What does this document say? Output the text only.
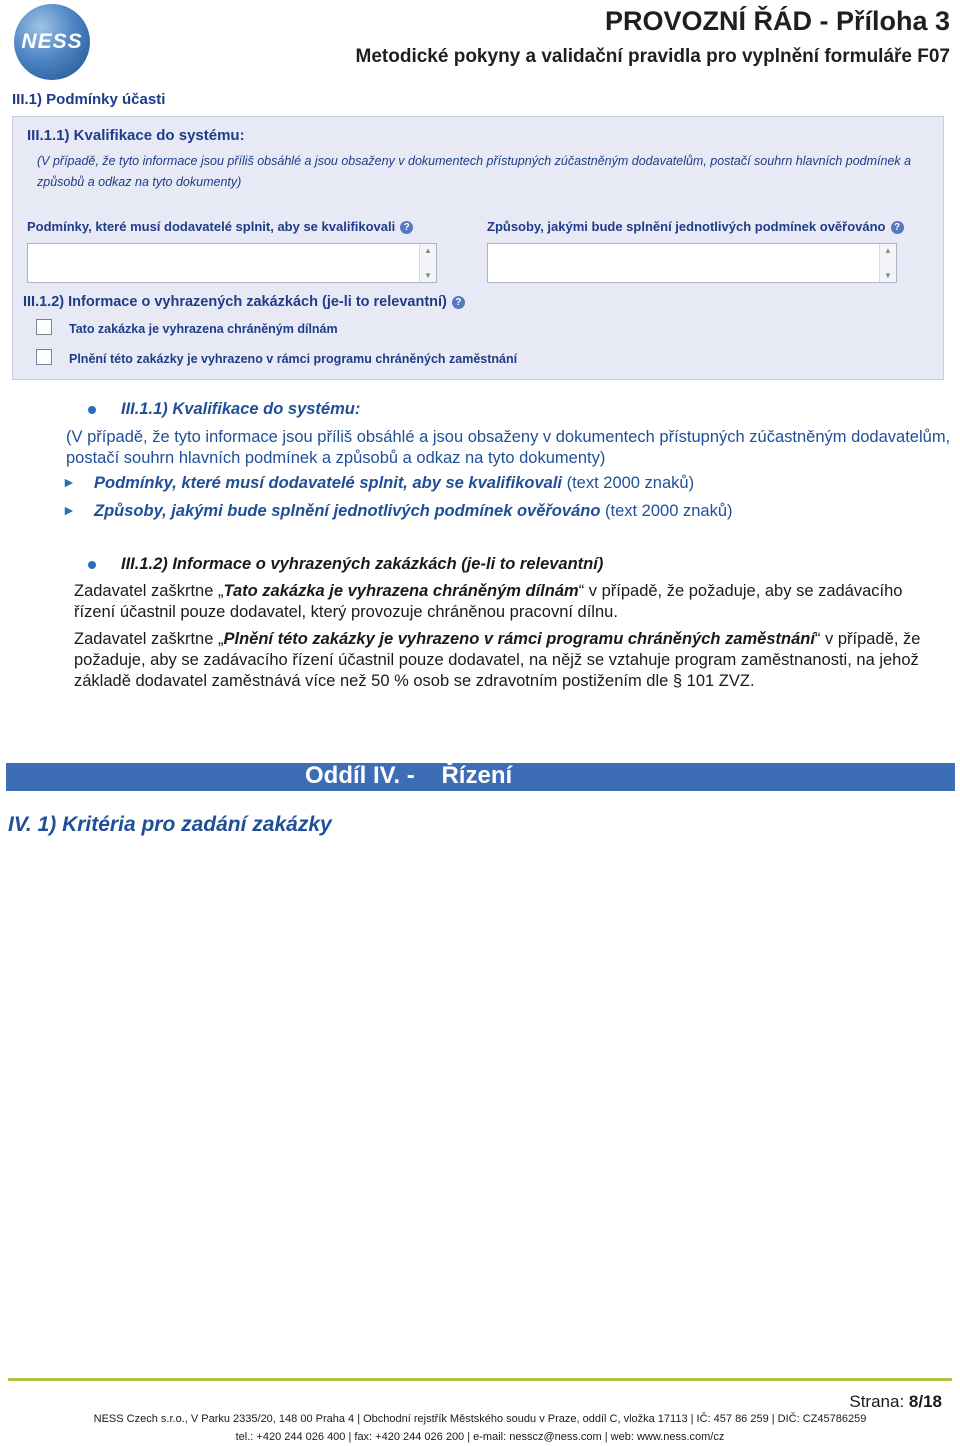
NESS
PROVOZNÍ ŘÁD - Příloha 3
Metodické pokyny a validační pravidla pro vyplnění formuláře F07
III.1) Podmínky účasti
III.1.1) Kvalifikace do systému:
(V případě, že tyto informace jsou příliš obsáhlé a jsou obsaženy v dokumentech přístupných zúčastněným dodavatelům, postačí souhrn hlavních podmínek a způsobů a odkaz na tyto dokumenty)
Podmínky, které musí dodavatelé splnit, aby se kvalifikovali ?	Způsoby, jakými bude splnění jednotlivých podmínek ověřováno ?
▲
▼
▲
▼
III.1.2) Informace o vyhrazených zakázkách (je-li to relevantní) ?
Tato zakázka je vyhrazena chráněným dílnám
Plnění této zakázky je vyhrazeno v rámci programu chráněných zaměstnání
III.1.1) Kvalifikace do systému:
(V případě, že tyto informace jsou příliš obsáhlé a jsou obsaženy v dokumentech přístupných zúčastněným dodavatelům, postačí souhrn hlavních podmínek a způsobů a odkaz na tyto dokumenty)
► Podmínky, které musí dodavatelé splnit, aby se kvalifikovali (text 2000 znaků)
► Způsoby, jakými bude splnění jednotlivých podmínek ověřováno (text 2000 znaků)
III.1.2) Informace o vyhrazených zakázkách (je-li to relevantní)
Zadavatel zaškrtne „Tato zakázka je vyhrazena chráněným dílnám“ v případě, že požaduje, aby se zadávacího řízení účastnil pouze dodavatel, který provozuje chráněnou pracovní dílnu.
Zadavatel zaškrtne „Plnění této zakázky je vyhrazeno v rámci programu chráněných zaměstnání“ v případě, že požaduje, aby se zadávacího řízení účastnil pouze dodavatel, na nějž se vztahuje program zaměstnanosti, na jehož základě dodavatel zaměstnává více než 50 % osob se zdravotním postižením dle § 101 ZVZ.
Oddíl IV. -    Řízení
IV. 1) Kritéria pro zadání zakázky
Strana: 8/18
NESS Czech s.r.o., V Parku 2335/20, 148 00 Praha 4 | Obchodní rejstřík Městského soudu v Praze, oddíl C, vložka 17113 | IČ: 457 86 259 | DIČ: CZ45786259
tel.: +420 244 026 400 | fax: +420 244 026 200 | e-mail: nesscz@ness.com | web: www.ness.com/cz
